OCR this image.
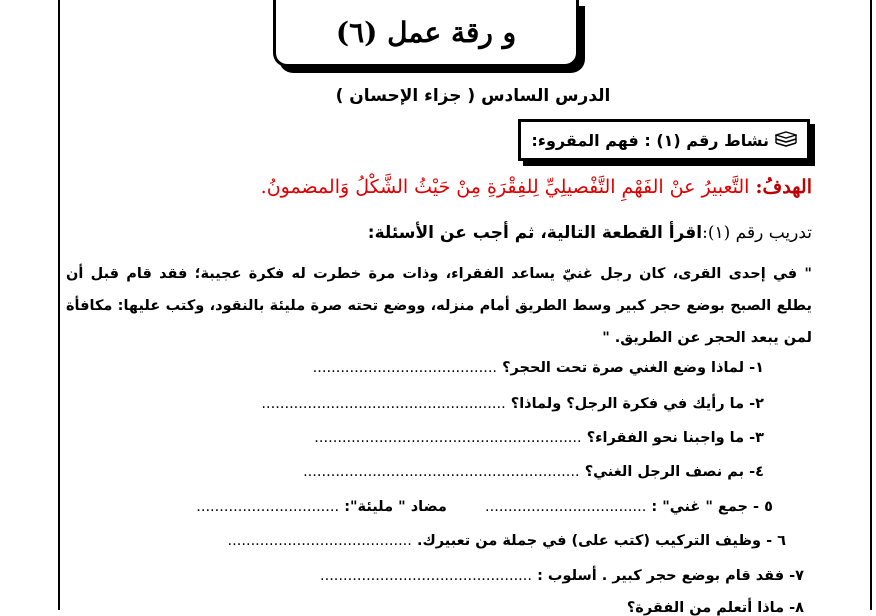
و رقة عمل (٦)
الدرس السادس ( جزاء الإحسان )
نشاط رقم (١) : فهم المقروء:
الهدفُ: التَّعبيرُ عنْ الفَهْمِ التَّفْصيلِيِّ لِلفِقْرَةِ مِنْ حَيْثُ الشَّكْلُ وَالمضمونُ.
تدريب رقم (١):اقرأ القطعة التالية، ثم أجب عن الأسئلة:
" في إحدى القرى، كان رجل غنيّ يساعد الفقراء، وذات مرة خطرت له فكرة عجيبة؛ فقد قام قبل أن يطلع الصبح بوضع حجر كبير وسط الطريق أمام منزله، ووضع تحته صرة مليئة بالنقود، وكتب عليها: مكافأة لمن يبعد الحجر عن الطريق. "
١- لماذا وضع الغني صرة تحت الحجر؟ ........................................
٢- ما رأيك في فكرة الرجل؟ ولماذا؟ .....................................................
٣- ما واجبنا نحو الفقراء؟ ..........................................................
٤- بم نصف الرجل الغني؟ ............................................................
٥ - جمع " غني" : ...................................  مضاد " مليئة": ...............................
٦ - وظيف التركيب (كتب على) في جملة من تعبيرك. ........................................
٧- فقد قام بوضع حجر كبير . أسلوب : ..............................................
٨- ماذا أتعلم من الفقرة؟
